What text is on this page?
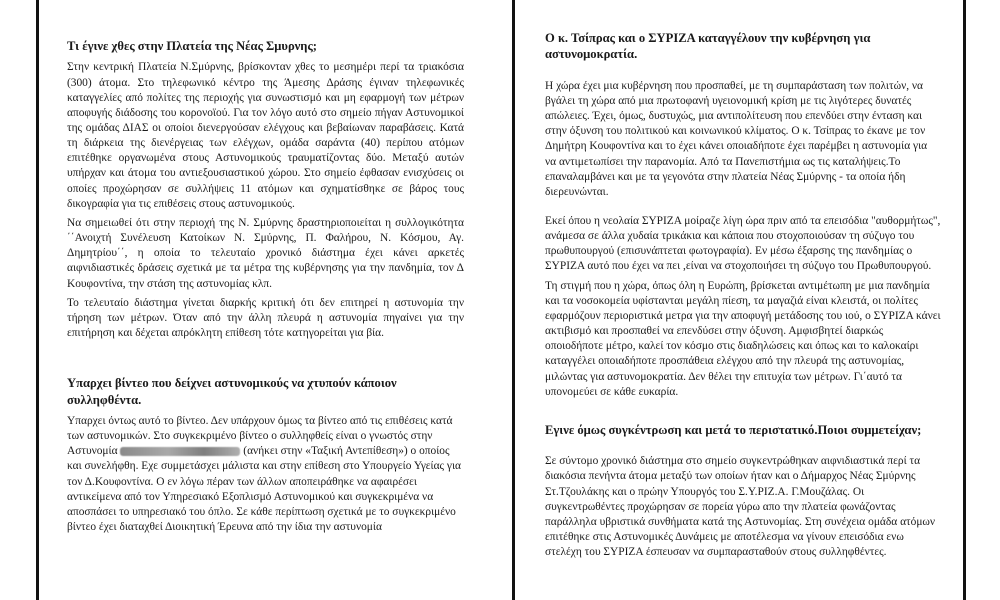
Τι έγινε χθες στην Πλατεία της Νέας Σμυρνης;
Στην κεντρική Πλατεία Ν.Σμύρνης, βρίσκονταν χθες το μεσημέρι περί τα τριακόσια (300) άτομα. Στο τηλεφωνικό κέντρο της Άμεσης Δράσης έγιναν τηλεφωνικές καταγγελίες από πολίτες της περιοχής για συνωστισμό και μη εφαρμογή των μέτρων αποφυγής διάδοσης του κορονοϊού. Για τον λόγο αυτό στο σημείο πήγαν Αστυνομικοί της ομάδας ΔΙΑΣ οι οποίοι διενεργούσαν ελέγχους και βεβαίωναν παραβάσεις. Κατά τη διάρκεια της διενέργειας των ελέγχων, ομάδα σαράντα (40) περίπου ατόμων επιτέθηκε οργανωμένα στους Αστυνομικούς τραυματίζοντας δύο. Μεταξύ αυτών υπήρχαν και άτομα του αντιεξουσιαστικού χώρου. Στο σημείο έφθασαν ενισχύσεις οι οποίες προχώρησαν σε συλλήψεις 11 ατόμων και σχηματίσθηκε σε βάρος τους δικογραφία για τις επιθέσεις στους αστυνομικούς.
Να σημειωθεί ότι στην περιοχή της Ν. Σμύρνης δραστηριοποιείται η συλλογικότητα ΄΄Ανοιχτή Συνέλευση Κατοίκων Ν. Σμύρνης, Π. Φαλήρου, Ν. Κόσμου, Αγ. Δημητρίου΄΄, η οποία το τελευταίο χρονικό διάστημα έχει κάνει αρκετές αιφνιδιαστικές δράσεις σχετικά με τα μέτρα της κυβέρνησης για την πανδημία, τον Δ Κουφοντίνα, την στάση της αστυνομίας κλπ.
Το τελευταίο διάστημα γίνεται διαρκής κριτική ότι δεν επιτηρεί η αστυνομία την τήρηση των μέτρων. Όταν από την άλλη πλευρά η αστυνομία πηγαίνει για την επιτήρηση και δέχεται απρόκλητη επίθεση τότε κατηγορείται για βία.
Υπαρχει βίντεο που δείχνει αστυνομικούς να χτυπούν κάποιον συλληφθέντα.
Υπαρχει όντως αυτό το βίντεο. Δεν υπάρχουν όμως τα βίντεο από τις επιθέσεις κατά των αστυνομικών. Στο συγκεκριμένο βίντεο ο συλληφθείς είναι ο γνωστός στην Αστυνομία	(ανήκει στην «Ταξική Αντεπίθεση») ο οποίος και συνελήφθη. Εχε συμμετάσχει μάλιστα και στην επίθεση στο Υπουργείο Υγείας για τον Δ.Κουφοντίνα. Ο εν λόγω πέραν των άλλων αποπειράθηκε να αφαιρέσει αντικείμενα από τον Υπηρεσιακό Εξοπλισμό Αστυνομικού και συγκεκριμένα να αποσπάσει το υπηρεσιακό του όπλο. Σε κάθε περίπτωση σχετικά με το συγκεκριμένο βίντεο έχει διαταχθεί Διοικητική Έρευνα από την ίδια την αστυνομία
Ο κ. Τσίπρας και ο ΣΥΡΙΖΑ καταγγέλουν την κυβέρνηση για αστυνομοκρατία.
Η χώρα έχει μια κυβέρνηση που προσπαθεί, με τη συμπαράσταση των πολιτών, να βγάλει τη χώρα από μια πρωτοφανή υγειονομική κρίση με τις λιγότερες δυνατές απώλειες. Έχει, όμως, δυστυχώς, μια αντιπολίτευση που επενδύει στην ένταση και στην όξυνση του πολιτικού και κοινωνικού κλίματος. Ο κ. Τσίπρας το έκανε με τον Δημήτρη Κουφοντίνα και το έχει κάνει οποιαδήποτε έχει παρέμβει η αστυνομία για να αντιμετωπίσει την παρανομία. Από τα Πανεπιστήμια ως τις καταλήψεις.Το επαναλαμβάνει και με τα γεγονότα στην πλατεία Νέας Σμύρνης - τα οποία ήδη διερευνώνται.
Εκεί όπου η νεολαία ΣΥΡΙΖΑ μοίραζε λίγη ώρα πριν από τα επεισόδια "αυθορμήτως", ανάμεσα σε άλλα χυδαία τρικάκια και κάποια που στοχοποιούσαν τη σύζυγο του πρωθυπουργού (επισυνάπτεται φωτογραφία). Εν μέσω έξαρσης της πανδημίας ο ΣΥΡΙΖΑ αυτό που έχει να πει ,είναι να στοχοποιήσει τη σύζυγο του Πρωθυπουργού.
Τη στιγμή που η χώρα, όπως όλη η Ευρώπη, βρίσκεται αντιμέτωπη με μια πανδημία και τα νοσοκομεία υφίστανται μεγάλη πίεση, τα μαγαζιά είναι κλειστά, οι πολίτες εφαρμόζουν περιοριστικά μετρα για την αποφυγή μετάδοσης του ιού, ο ΣΥΡΙΖΑ κάνει ακτιβισμό και προσπαθεί να επενδύσει στην όξυνση. Αμφισβητεί διαρκώς οποιοδήποτε μέτρο, καλεί τον κόσμο στις διαδηλώσεις και όπως και το καλοκαίρι καταγγέλει οποιαδήποτε προσπάθεια ελέγχου από την πλευρά της αστυνομίας, μιλώντας για αστυνομοκρατία. Δεν θέλει την επιτυχία των μέτρων. Γι΄αυτό τα υπονομεύει σε κάθε ευκαρία.
Εγινε όμως συγκέντρωση και μετά το περιστατικό.Ποιοι συμμετείχαν;
Σε σύντομο χρονικό διάστημα στο σημείο συγκεντρώθηκαν αιφνιδιαστικά περί τα διακόσια πενήντα άτομα μεταξύ των οποίων ήταν και ο Δήμαρχος Νέας Σμύρνης Στ.Τζουλάκης και ο πρώην Υπουργός του Σ.Υ.ΡΙΖ.Α. Γ.Μουζάλας. Οι συγκεντρωθέντες προχώρησαν σε πορεία γύρω απο την πλατεία φωνάζοντας παράλληλα υβριστικά συνθήματα κατά της Αστυνομίας. Στη συνέχεια ομάδα ατόμων επιτέθηκε στις Αστυνομικές Δυνάμεις με αποτέλεσμα να γίνουν επεισόδια ενω στελέχη του ΣΥΡΙΖΑ έσπευσαν να συμπαρασταθούν στους συλληφθέντες.
